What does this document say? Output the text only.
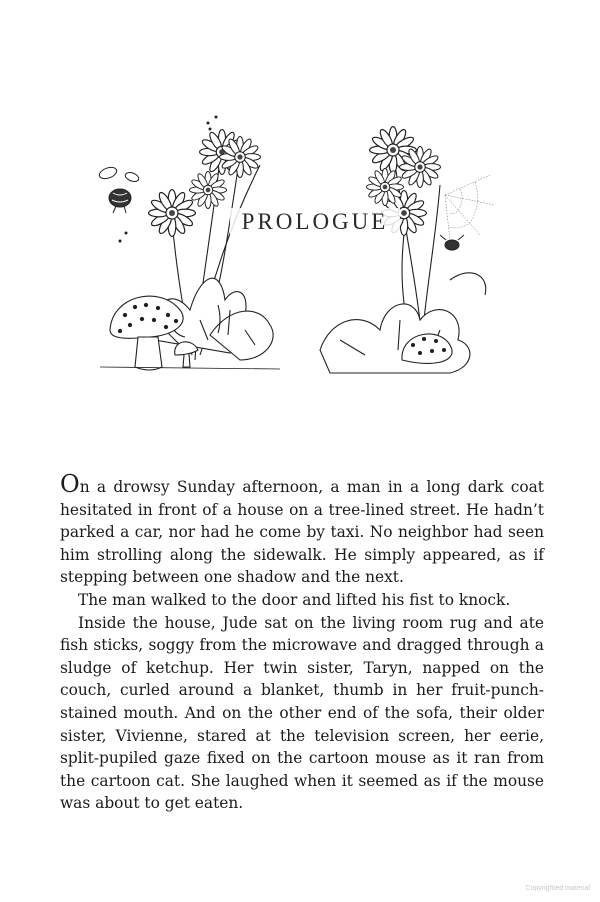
PROLOGUE

On a drowsy Sunday afternoon, a man in a long dark coat hesitated in front of a house on a tree-lined street. He hadn’t parked a car, nor had he come by taxi. No neighbor had seen him strolling along the sidewalk. He simply appeared, as if stepping between one shadow and the next.

The man walked to the door and lifted his fist to knock.

Inside the house, Jude sat on the living room rug and ate fish sticks, soggy from the microwave and dragged through a sludge of ketchup. Her twin sister, Taryn, napped on the couch, curled around a blanket, thumb in her fruit-punch-stained mouth. And on the other end of the sofa, their older sister, Vivienne, stared at the television screen, her eerie, split-pupiled gaze fixed on the cartoon mouse as it ran from the cartoon cat. She laughed when it seemed as if the mouse was about to get eaten.

Copyrighted material
